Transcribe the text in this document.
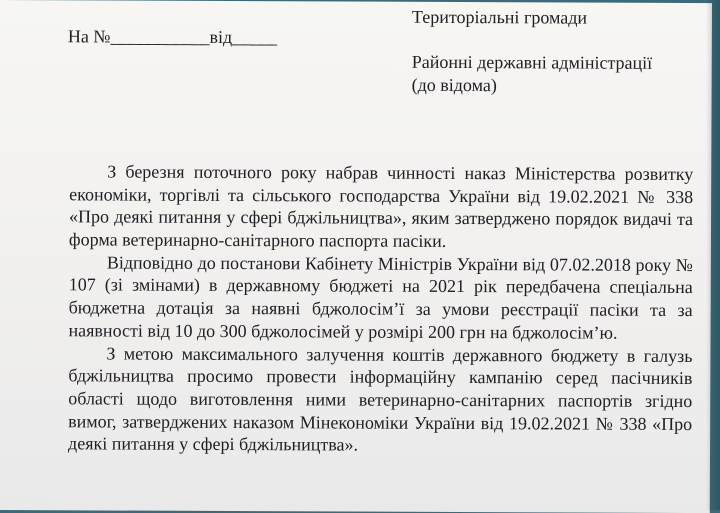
На №___________від_____
Територіальні громади
Районні державні адміністрації
(до відома)

З березня поточного року набрав чинності наказ Міністерства розвитку економіки, торгівлі та сільського господарства України від 19.02.2021 № 338 «Про деякі питання у сфері бджільництва», яким затверджено порядок видачі та форма ветеринарно-санітарного паспорта пасіки.

Відповідно до постанови Кабінету Міністрів України від 07.02.2018 року № 107 (зі змінами) в державному бюджеті на 2021 рік передбачена спеціальна бюджетна дотація за наявні бджолосім’ї за умови реєстрації пасіки та за наявності від 10 до 300 бджолосімей у розмірі 200 грн на бджолосім’ю.

З метою максимального залучення коштів державного бюджету в галузь бджільництва просимо провести інформаційну кампанію серед пасічників області щодо виготовлення ними ветеринарно-санітарних паспортів згідно вимог, затверджених наказом Мінекономіки України від 19.02.2021 № 338 «Про деякі питання у сфері бджільництва».
